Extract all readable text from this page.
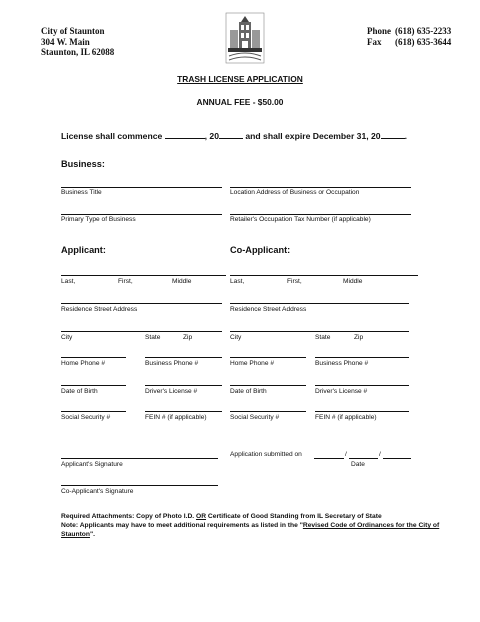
City of Staunton
304 W. Main
Staunton, IL 62088
Phone (618) 635-2233
Fax (618) 635-3644
TRASH LICENSE APPLICATION
ANNUAL FEE - $50.00
License shall commence	, 20	and shall expire December 31, 20	.
Business:
Business Title	Location Address of Business or Occupation
Primary Type of Business	Retailer's Occupation Tax Number (if applicable)
Applicant:	Co-Applicant:
Last,	First,	Middle	Last,	First,	Middle
Residence Street Address	Residence Street Address
City	State	Zip	City	State	Zip
Home Phone #	Business Phone #	Home Phone #	Business Phone #
Date of Birth	Driver's License #	Date of Birth	Driver's License #
Social Security #	FEIN # (if applicable)	Social Security #	FEIN # (if applicable)
Applicant's Signature
Application submitted on	/	/
Date
Co-Applicant's Signature
Required Attachments: Copy of Photo I.D. OR Certificate of Good Standing from IL Secretary of State
Note: Applicants may have to meet additional requirements as listed in the "Revised Code of Ordinances for the City of Staunton".
